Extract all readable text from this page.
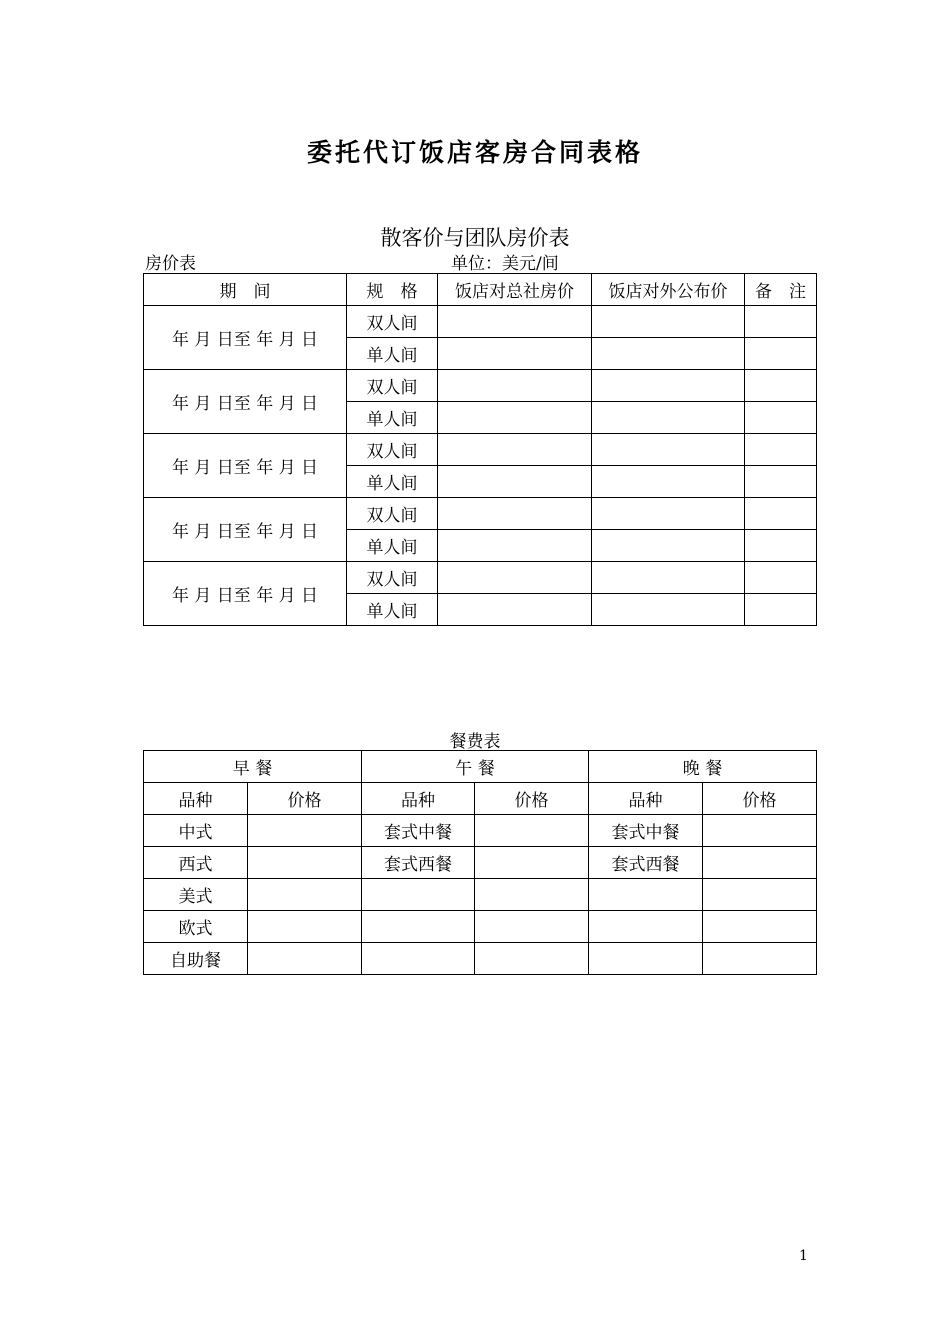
委托代订饭店客房合同表格
散客价与团队房价表
房价表	单位：美元/间
期　间	规　格	饭店对总社房价	饭店对外公布价	备　注
年 月 日至 年 月 日	双人间			
	单人间			
年 月 日至 年 月 日	双人间			
	单人间			
年 月 日至 年 月 日	双人间			
	单人间			
年 月 日至 年 月 日	双人间			
	单人间			
年 月 日至 年 月 日	双人间			
	单人间			
餐费表
早 餐		午 餐		晚 餐	
品种	价格	品种	价格	品种	价格
中式		套式中餐		套式中餐	
西式		套式西餐		套式西餐	
美式					
欧式					
自助餐					
1
